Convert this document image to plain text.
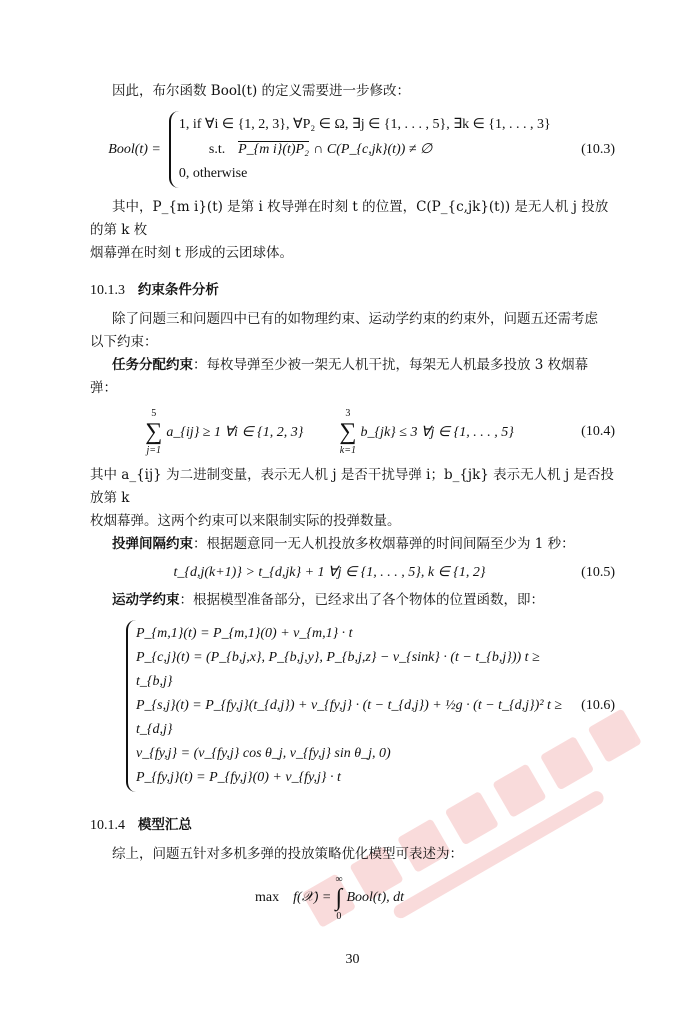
因此，布尔函数 Bool(t) 的定义需要进一步修改：
Bool(t) =
1, if ∀i ∈ {1, 2, 3}, ∀P₂ ∈ Ω, ∃j ∈ {1, . . . , 5}, ∃k ∈ {1, . . . , 3}
s.t. P_{m i}(t)P₂ ∩ C(P_{c,jk}(t)) ≠ ∅
0, otherwise
(10.3)
其中，P_{m i}(t) 是第 i 枚导弹在时刻 t 的位置，C(P_{c,jk}(t)) 是无人机 j 投放的第 k 枚
烟幕弹在时刻 t 形成的云团球体。
10.1.3 约束条件分析
除了问题三和问题四中已有的如物理约束、运动学约束的约束外，问题五还需考虑
以下约束：
任务分配约束：每枚导弹至少被一架无人机干扰，每架无人机最多投放 3 枚烟幕弹：
5
∑
j=1
a_{ij} ≥ 1 ∀i ∈ {1, 2, 3}
3
∑
k=1
b_{jk} ≤ 3 ∀j ∈ {1, . . . , 5}	(10.4)
其中 a_{ij} 为二进制变量，表示无人机 j 是否干扰导弹 i；b_{jk} 表示无人机 j 是否投放第 k
枚烟幕弹。这两个约束可以来限制实际的投弹数量。
投弹间隔约束：根据题意同一无人机投放多枚烟幕弹的时间间隔至少为 1 秒：
t_{d,j(k+1)} > t_{d,jk} + 1 ∀j ∈ {1, . . . , 5}, k ∈ {1, 2}	(10.5)
运动学约束：根据模型准备部分，已经求出了各个物体的位置函数，即：
P_{m,1}(t) = P_{m,1}(0) + v_{m,1} · t
P_{c,j}(t) = (P_{b,j,x}, P_{b,j,y}, P_{b,j,z} − v_{sink} · (t − t_{b,j})) t ≥ t_{b,j}
P_{s,j}(t) = P_{fy,j}(t_{d,j}) + v_{fy,j} · (t − t_{d,j}) + ½g · (t − t_{d,j})² t ≥ t_{d,j}
v_{fy,j} = (v_{fy,j} cos θ_j, v_{fy,j} sin θ_j, 0)
P_{fy,j}(t) = P_{fy,j}(0) + v_{fy,j} · t
(10.6)
10.1.4 模型汇总
综上，问题五针对多机多弹的投放策略优化模型可表述为：
max f(𝒳) =
∞
∫
0
Bool(t), dt
30
